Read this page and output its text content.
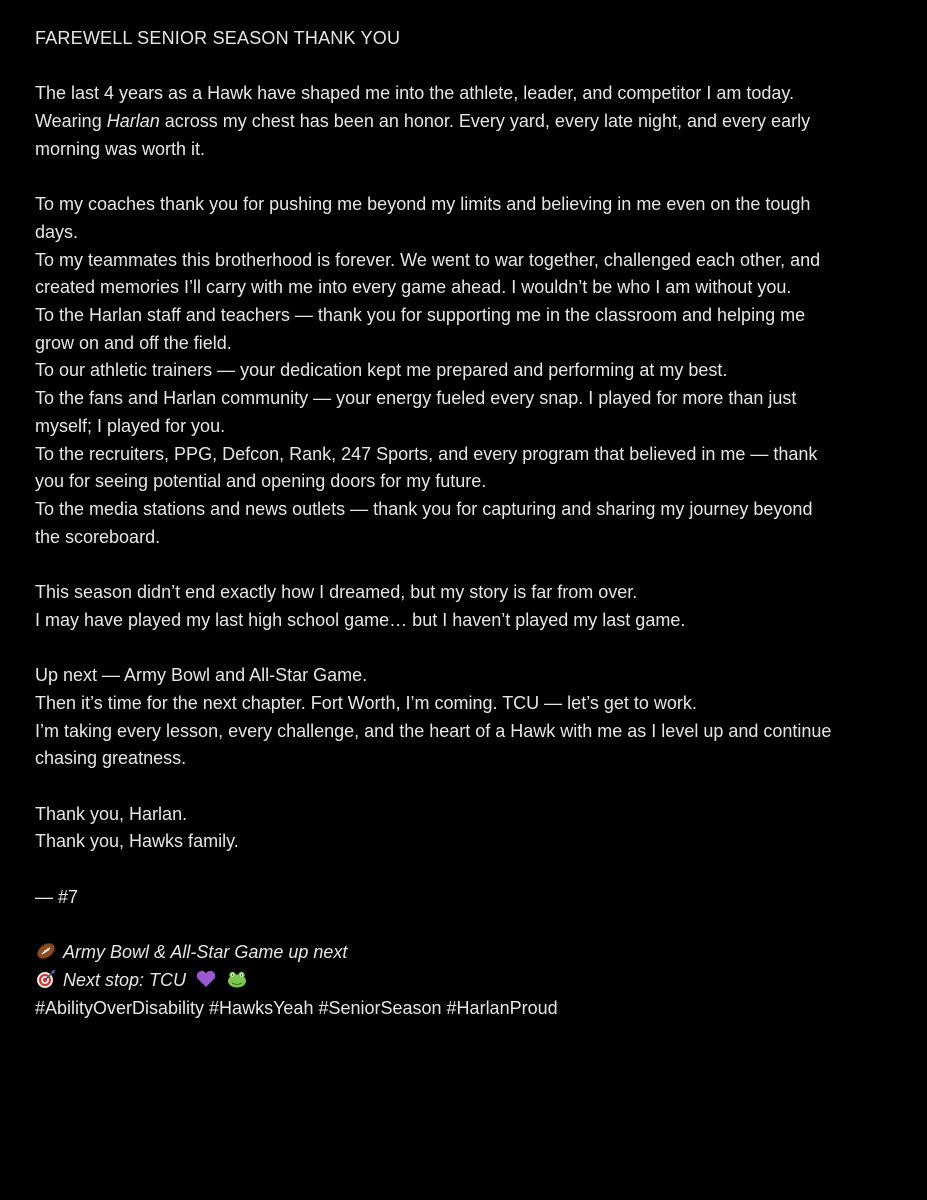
FAREWELL SENIOR SEASON THANK YOU
The last 4 years as a Hawk have shaped me into the athlete, leader, and competitor I am today.
Wearing Harlan across my chest has been an honor. Every yard, every late night, and every early
morning was worth it.
To my coaches thank you for pushing me beyond my limits and believing in me even on the tough
days.
To my teammates this brotherhood is forever. We went to war together, challenged each other, and
created memories I’ll carry with me into every game ahead. I wouldn’t be who I am without you.
To the Harlan staff and teachers — thank you for supporting me in the classroom and helping me
grow on and off the field.
To our athletic trainers — your dedication kept me prepared and performing at my best.
To the fans and Harlan community — your energy fueled every snap. I played for more than just
myself; I played for you.
To the recruiters, PPG, Defcon, Rank, 247 Sports, and every program that believed in me — thank
you for seeing potential and opening doors for my future.
To the media stations and news outlets — thank you for capturing and sharing my journey beyond
the scoreboard.
This season didn’t end exactly how I dreamed, but my story is far from over.
I may have played my last high school game… but I haven’t played my last game.
Up next — Army Bowl and All-Star Game.
Then it’s time for the next chapter. Fort Worth, I’m coming. TCU — let’s get to work.
I’m taking every lesson, every challenge, and the heart of a Hawk with me as I level up and continue
chasing greatness.
Thank you, Harlan.
Thank you, Hawks family.
— #7
Army Bowl & All-Star Game up next
Next stop: TCU
#AbilityOverDisability #HawksYeah #SeniorSeason #HarlanProud
